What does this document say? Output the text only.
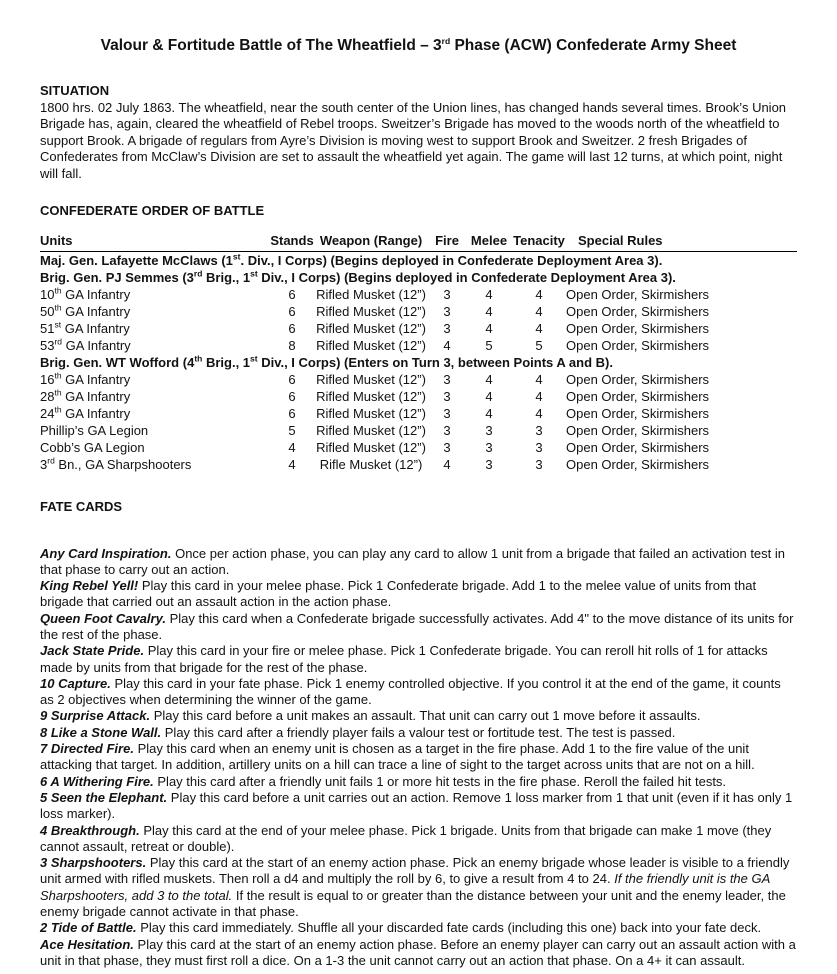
Valour & Fortitude Battle of The Wheatfield – 3rd Phase (ACW) Confederate Army Sheet
SITUATION

1800 hrs. 02 July 1863. The wheatfield, near the south center of the Union lines, has changed hands several times. Brook’s Union Brigade has, again, cleared the wheatfield of Rebel troops. Sweitzer’s Brigade has moved to the woods north of the wheatfield to support Brook. A brigade of regulars from Ayre’s Division is moving west to support Brook and Sweitzer. 2 fresh Brigades of Confederates from McClaw’s Division are set to assault the wheatfield yet again. The game will last 12 turns, at which point, night will fall.

CONFEDERATE ORDER OF BATTLE
Units	Stands	Weapon (Range)	Fire	Melee	Tenacity	Special Rules
Maj. Gen. Lafayette McClaws (1st. Div., I Corps) (Begins deployed in Confederate Deployment Area 3).						
Brig. Gen. PJ Semmes (3rd Brig., 1st Div., I Corps) (Begins deployed in Confederate Deployment Area 3).						
10th GA Infantry	6	Rifled Musket (12”)	3	4	4	Open Order, Skirmishers
50th GA Infantry	6	Rifled Musket (12”)	3	4	4	Open Order, Skirmishers
51st GA Infantry	6	Rifled Musket (12”)	3	4	4	Open Order, Skirmishers
53rd GA Infantry	8	Rifled Musket (12”)	4	5	5	Open Order, Skirmishers
Brig. Gen. WT Wofford (4th Brig., 1st Div., I Corps) (Enters on Turn 3, between Points A and B).						
16th GA Infantry	6	Rifled Musket (12”)	3	4	4	Open Order, Skirmishers
28th GA Infantry	6	Rifled Musket (12”)	3	4	4	Open Order, Skirmishers
24th GA Infantry	6	Rifled Musket (12”)	3	4	4	Open Order, Skirmishers
Phillip’s GA Legion	5	Rifled Musket (12”)	3	3	3	Open Order, Skirmishers
Cobb’s GA Legion	4	Rifled Musket (12”)	3	3	3	Open Order, Skirmishers
3rd Bn., GA Sharpshooters	4	Rifle Musket (12”)	4	3	3	Open Order, Skirmishers
FATE CARDS

Any Card Inspiration. Once per action phase, you can play any card to allow 1 unit from a brigade that failed an activation test in that phase to carry out an action.

King Rebel Yell! Play this card in your melee phase. Pick 1 Confederate brigade. Add 1 to the melee value of units from that brigade that carried out an assault action in the action phase.

Queen Foot Cavalry. Play this card when a Confederate brigade successfully activates. Add 4" to the move distance of its units for the rest of the phase.

Jack State Pride. Play this card in your fire or melee phase. Pick 1 Confederate brigade. You can reroll hit rolls of 1 for attacks made by units from that brigade for the rest of the phase.

10 Capture. Play this card in your fate phase. Pick 1 enemy controlled objective. If you control it at the end of the game, it counts as 2 objectives when determining the winner of the game.

9 Surprise Attack. Play this card before a unit makes an assault. That unit can carry out 1 move before it assaults.

8 Like a Stone Wall. Play this card after a friendly player fails a valour test or fortitude test. The test is passed.

7 Directed Fire. Play this card when an enemy unit is chosen as a target in the fire phase. Add 1 to the fire value of the unit attacking that target. In addition, artillery units on a hill can trace a line of sight to the target across units that are not on a hill.

6 A Withering Fire. Play this card after a friendly unit fails 1 or more hit tests in the fire phase. Reroll the failed hit tests.

5 Seen the Elephant. Play this card before a unit carries out an action. Remove 1 loss marker from 1 that unit (even if it has only 1 loss marker).

4 Breakthrough. Play this card at the end of your melee phase. Pick 1 brigade. Units from that brigade can make 1 move (they cannot assault, retreat or double).

3 Sharpshooters. Play this card at the start of an enemy action phase. Pick an enemy brigade whose leader is visible to a friendly unit armed with rifled muskets. Then roll a d4 and multiply the roll by 6, to give a result from 4 to 24. If the friendly unit is the GA Sharpshooters, add 3 to the total. If the result is equal to or greater than the distance between your unit and the enemy leader, the enemy brigade cannot activate in that phase.

2 Tide of Battle. Play this card immediately. Shuffle all your discarded fate cards (including this one) back into your fate deck.

Ace Hesitation. Play this card at the start of an enemy action phase. Before an enemy player can carry out an assault action with a unit in that phase, they must first roll a dice. On a 1-3 the unit cannot carry out an action that phase. On a 4+ it can assault.
